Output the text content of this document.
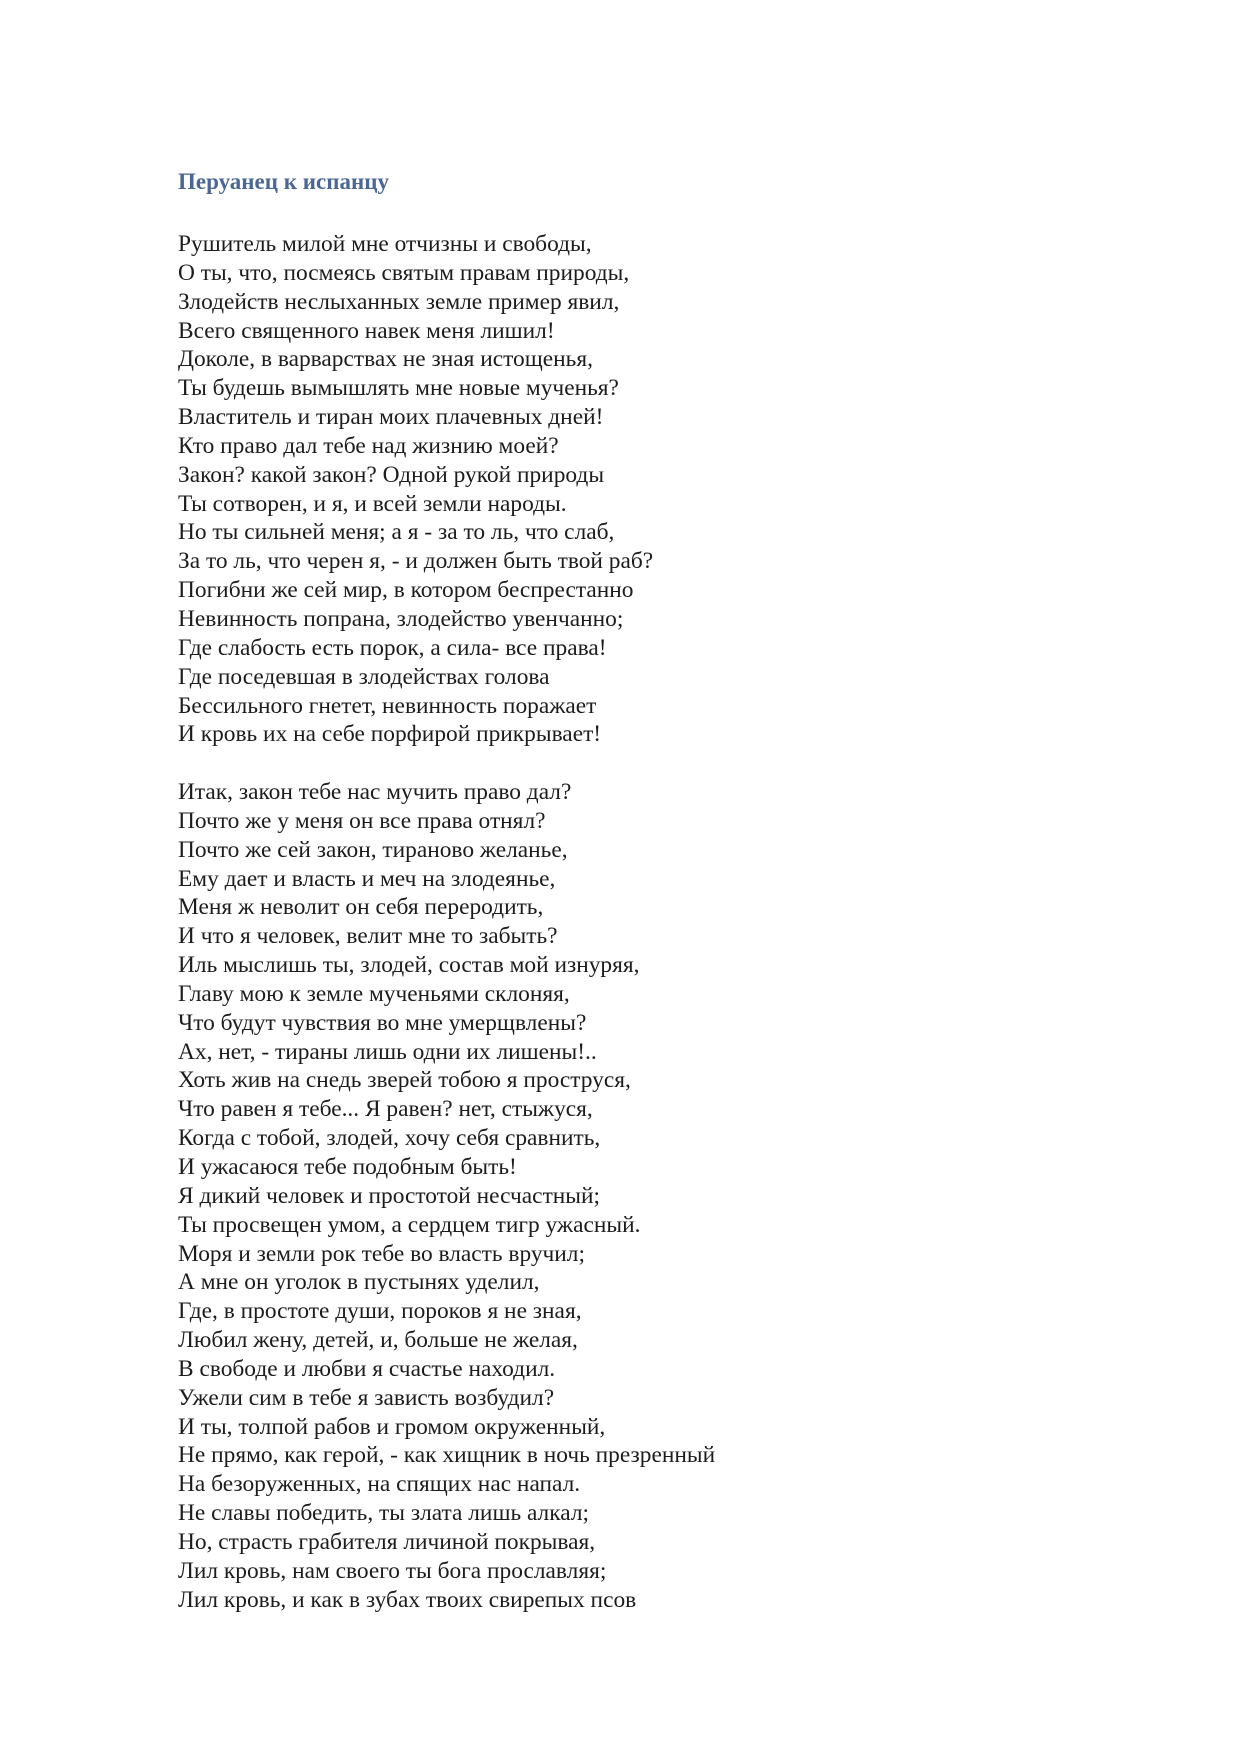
Перуанец к испанцу
Рушитель милой мне отчизны и свободы,
О ты, что, посмеясь святым правам природы,
Злодейств неслыханных земле пример явил,
Всего священного навек меня лишил!
Доколе, в варварствах не зная истощенья,
Ты будешь вымышлять мне новые мученья?
Властитель и тиран моих плачевных дней!
Кто право дал тебе над жизнию моей?
Закон? какой закон? Одной рукой природы
Ты сотворен, и я, и всей земли народы.
Но ты сильней меня; а я - за то ль, что слаб,
За то ль, что черен я, - и должен быть твой раб?
Погибни же сей мир, в котором беспрестанно
Невинность попрана, злодейство увенчанно;
Где слабость есть порок, а сила- все права!
Где поседевшая в злодействах голова
Бессильного гнетет, невинность поражает
И кровь их на себе порфирой прикрывает!
Итак, закон тебе нас мучить право дал?
Почто же у меня он все права отнял?
Почто же сей закон, тираново желанье,
Ему дает и власть и меч на злодеянье,
Меня ж неволит он себя переродить,
И что я человек, велит мне то забыть?
Иль мыслишь ты, злодей, состав мой изнуряя,
Главу мою к земле мученьями склоняя,
Что будут чувствия во мне умерщвлены?
Ах, нет, - тираны лишь одни их лишены!..
Хоть жив на снедь зверей тобою я проструся,
Что равен я тебе... Я равен? нет, стыжуся,
Когда с тобой, злодей, хочу себя сравнить,
И ужасаюся тебе подобным быть!
Я дикий человек и простотой несчастный;
Ты просвещен умом, а сердцем тигр ужасный.
Моря и земли рок тебе во власть вручил;
А мне он уголок в пустынях уделил,
Где, в простоте души, пороков я не зная,
Любил жену, детей, и, больше не желая,
В свободе и любви я счастье находил.
Ужели сим в тебе я зависть возбудил?
И ты, толпой рабов и громом окруженный,
Не прямо, как герой, - как хищник в ночь презренный
На безоруженных, на спящих нас напал.
Не славы победить, ты злата лишь алкал;
Но, страсть грабителя личиной покрывая,
Лил кровь, нам своего ты бога прославляя;
Лил кровь, и как в зубах твоих свирепых псов
